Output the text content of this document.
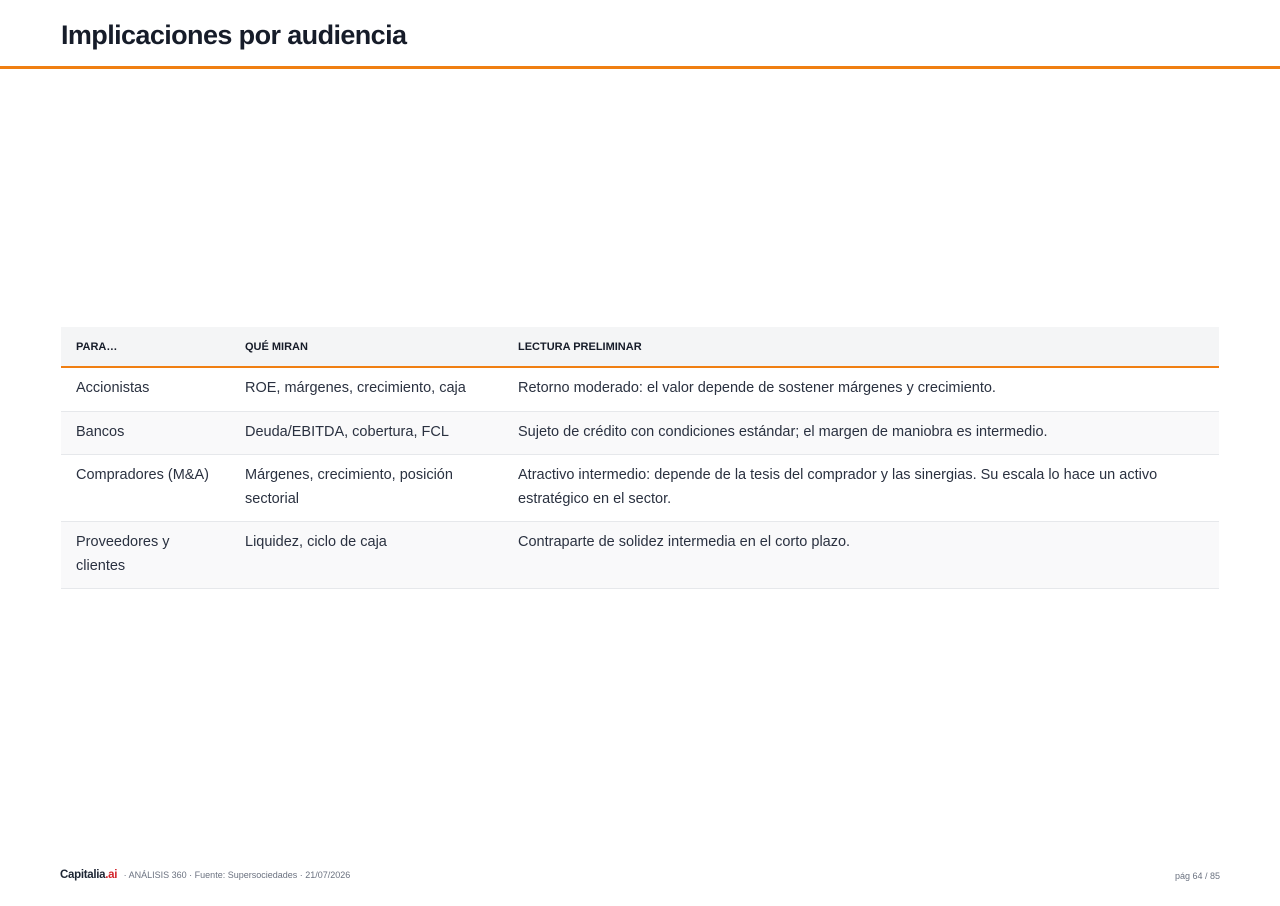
Implicaciones por audiencia
PARA…	QUÉ MIRAN	LECTURA PRELIMINAR
Accionistas	ROE, márgenes, crecimiento, caja	Retorno moderado: el valor depende de sostener márgenes y crecimiento.
Bancos	Deuda/EBITDA, cobertura, FCL	Sujeto de crédito con condiciones estándar; el margen de maniobra es intermedio.
Compradores (M&A)	Márgenes, crecimiento, posición sectorial	Atractivo intermedio: depende de la tesis del comprador y las sinergias. Su escala lo hace un activo estratégico en el sector.
Proveedores y clientes	Liquidez, ciclo de caja	Contraparte de solidez intermedia en el corto plazo.
Capitalia.ai · ANÁLISIS 360 · Fuente: Supersociedades · 21/07/2026	pág 64 / 85
